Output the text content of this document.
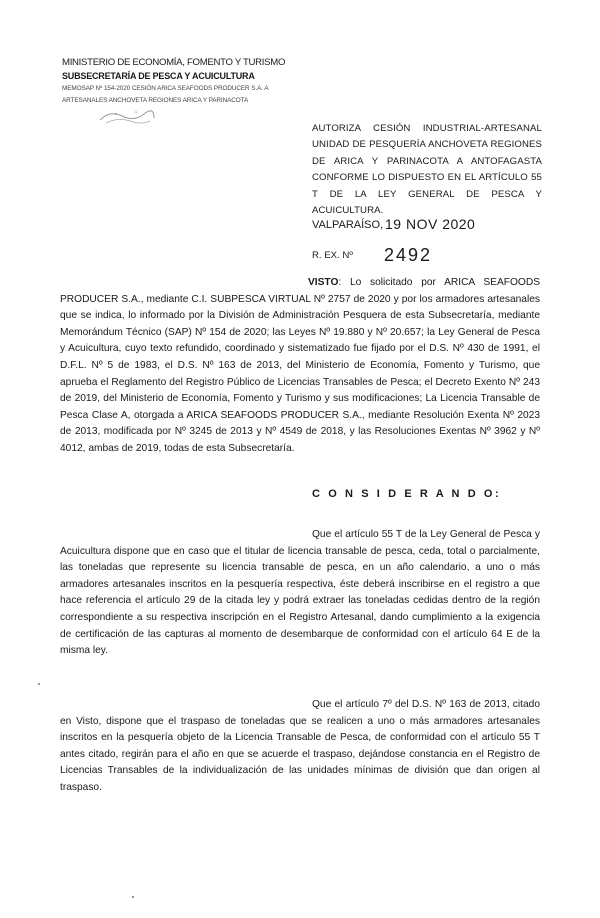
MINISTERIO DE ECONOMÍA, FOMENTO Y TURISMO
SUBSECRETARÍA DE PESCA Y ACUICULTURA
MEMOSAP Nº 154-2020 CESIÓN ARICA SEAFOODS PRODUCER S.A. A
ARTESANALES ANCHOVETA REGIONES ARICA Y PARINACOTA
AUTORIZA CESIÓN INDUSTRIAL-ARTESANAL UNIDAD DE PESQUERÍA ANCHOVETA REGIONES DE ARICA Y PARINACOTA A ANTOFAGASTA CONFORME LO DISPUESTO EN EL ARTÍCULO 55 T DE LA LEY GENERAL DE PESCA Y ACUICULTURA.
VALPARAÍSO, 19 NOV 2020
R. EX. Nº 2492
VISTO: Lo solicitado por ARICA SEAFOODS PRODUCER S.A., mediante C.I. SUBPESCA VIRTUAL Nº 2757 de 2020 y por los armadores artesanales que se indica, lo informado por la División de Administración Pesquera de esta Subsecretaría, mediante Memorándum Técnico (SAP) Nº 154 de 2020; las Leyes Nº 19.880 y Nº 20.657; la Ley General de Pesca y Acuicultura, cuyo texto refundido, coordinado y sistematizado fue fijado por el D.S. Nº 430 de 1991, el D.F.L. Nº 5 de 1983, el D.S. Nº 163 de 2013, del Ministerio de Economía, Fomento y Turismo, que aprueba el Reglamento del Registro Público de Licencias Transables de Pesca; el Decreto Exento Nº 243 de 2019, del Ministerio de Economía, Fomento y Turismo y sus modificaciones; La Licencia Transable de Pesca Clase A, otorgada a ARICA SEAFOODS PRODUCER S.A., mediante Resolución Exenta Nº 2023 de 2013, modificada por Nº 3245 de 2013 y Nº 4549 de 2018, y las Resoluciones Exentas Nº 3962 y Nº 4012, ambas de 2019, todas de esta Subsecretaría.
C O N S I D E R A N D O:
Que el artículo 55 T de la Ley General de Pesca y Acuicultura dispone que en caso que el titular de licencia transable de pesca, ceda, total o parcialmente, las toneladas que represente su licencia transable de pesca, en un año calendario, a uno o más armadores artesanales inscritos en la pesquería respectiva, éste deberá inscribirse en el registro a que hace referencia el artículo 29 de la citada ley y podrá extraer las toneladas cedidas dentro de la región correspondiente a su respectiva inscripción en el Registro Artesanal, dando cumplimiento a la exigencia de certificación de las capturas al momento de desembarque de conformidad con el artículo 64 E de la misma ley.
Que el artículo 7º del D.S. Nº 163 de 2013, citado en Visto, dispone que el traspaso de toneladas que se realicen a uno o más armadores artesanales inscritos en la pesquería objeto de la Licencia Transable de Pesca, de conformidad con el artículo 55 T antes citado, regirán para el año en que se acuerde el traspaso, dejándose constancia en el Registro de Licencias Transables de la individualización de las unidades mínimas de división que dan origen al traspaso.
